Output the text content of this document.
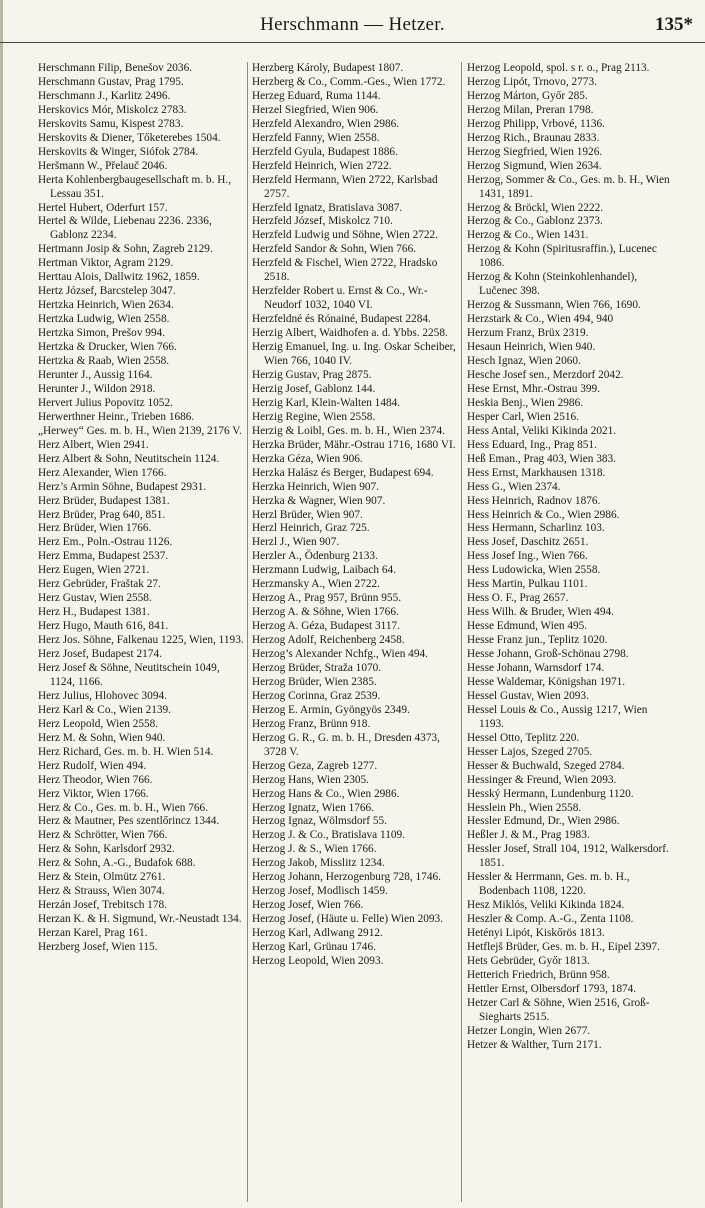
Herschmann — Hetzer.	135*
Herschmann Filip, Benešov 2036.
Herschmann Gustav, Prag 1795.
Herschmann J., Karlitz 2496.
Herskovics Mór, Miskolcz 2783.
Herskovits Samu, Kispest 2783.
Herskovits & Diener, Tőketerebes 1504.
Herskovits & Winger, Siófok 2784.
Heršmann W., Přelauč 2046.
Herta Kohlenbergbaugesellschaft m. b. H., Lessau 351.
Hertel Hubert, Oderfurt 157.
Hertel & Wilde, Liebenau 2236. 2336, Gablonz 2234.
Hertmann Josip & Sohn, Zagreb 2129.
Hertman Viktor, Agram 2129.
Herttau Alois, Dallwitz 1962, 1859.
Hertz József, Barcstelep 3047.
Hertzka Heinrich, Wien 2634.
Hertzka Ludwig, Wien 2558.
Hertzka Simon, Prešov 994.
Hertzka & Drucker, Wien 766.
Hertzka & Raab, Wien 2558.
Herunter J., Aussig 1164.
Herunter J., Wildon 2918.
Hervert Julius Popovitz 1052.
Herwerthner Heinr., Trieben 1686.
„Herwey“ Ges. m. b. H., Wien 2139, 2176 V.
Herz Albert, Wien 2941.
Herz Albert & Sohn, Neutitschein 1124.
Herz Alexander, Wien 1766.
Herz’s Armin Söhne, Budapest 2931.
Herz Brüder, Budapest 1381.
Herz Brüder, Prag 640, 851.
Herz Brüder, Wien 1766.
Herz Em., Poln.-Ostrau 1126.
Herz Emma, Budapest 2537.
Herz Eugen, Wien 2721.
Herz Gebrüder, Fraštak 27.
Herz Gustav, Wien 2558.
Herz H., Budapest 1381.
Herz Hugo, Mauth 616, 841.
Herz Jos. Söhne, Falkenau 1225, Wien, 1193.
Herz Josef, Budapest 2174.
Herz Josef & Söhne, Neutitschein 1049, 1124, 1166.
Herz Julius, Hlohovec 3094.
Herz Karl & Co., Wien 2139.
Herz Leopold, Wien 2558.
Herz M. & Sohn, Wien 940.
Herz Richard, Ges. m. b. H. Wien 514.
Herz Rudolf, Wien 494.
Herz Theodor, Wien 766.
Herz Viktor, Wien 1766.
Herz & Co., Ges. m. b. H., Wien 766.
Herz & Mautner, Pes szentlőrincz 1344.
Herz & Schrötter, Wien 766.
Herz & Sohn, Karlsdorf 2932.
Herz & Sohn, A.-G., Budafok 688.
Herz & Stein, Olmütz 2761.
Herz & Strauss, Wien 3074.
Herzán Josef, Trebitsch 178.
Herzan K. & H. Sigmund, Wr.-Neustadt 134.
Herzan Karel, Prag 161.
Herzberg Josef, Wien 115.
Herzberg Károly, Budapest 1807.
Herzberg & Co., Comm.-Ges., Wien 1772.
Herzeg Eduard, Ruma 1144.
Herzel Siegfried, Wien 906.
Herzfeld Alexandro, Wien 2986.
Herzfeld Fanny, Wien 2558.
Herzfeld Gyula, Budapest 1886.
Herzfeld Heinrich, Wien 2722.
Herzfeld Hermann, Wien 2722, Karlsbad 2757.
Herzfeld Ignatz, Bratislava 3087.
Herzfeld József, Miskolcz 710.
Herzfeld Ludwig und Söhne, Wien 2722.
Herzfeld Sandor & Sohn, Wien 766.
Herzfeld & Fischel, Wien 2722, Hradsko 2518.
Herzfelder Robert u. Ernst & Co., Wr.-Neudorf 1032, 1040 VI.
Herzfeldné és Rónainé, Budapest 2284.
Herzig Albert, Waidhofen a. d. Ybbs. 2258.
Herzig Emanuel, Ing. u. Ing. Oskar Scheiber, Wien 766, 1040 IV.
Herzig Gustav, Prag 2875.
Herzig Josef, Gablonz 144.
Herzig Karl, Klein-Walten 1484.
Herzig Regine, Wien 2558.
Herzig & Loibl, Ges. m. b. H., Wien 2374.
Herzka Brüder, Mähr.-Ostrau 1716, 1680 VI.
Herzka Géza, Wien 906.
Herzka Halász és Berger, Budapest 694.
Herzka Heinrich, Wien 907.
Herzka & Wagner, Wien 907.
Herzl Brüder, Wien 907.
Herzl Heinrich, Graz 725.
Herzl J., Wien 907.
Herzler A., Ödenburg 2133.
Herzmann Ludwig, Laibach 64.
Herzmansky A., Wien 2722.
Herzog A., Prag 957, Brünn 955.
Herzog A. & Söhne, Wien 1766.
Herzog A. Géza, Budapest 3117.
Herzog Adolf, Reichenberg 2458.
Herzog’s Alexander Nchfg., Wien 494.
Herzog Brüder, Straža 1070.
Herzog Brüder, Wien 2385.
Herzog Corinna, Graz 2539.
Herzog E. Armin, Gyöngyös 2349.
Herzog Franz, Brünn 918.
Herzog G. R., G. m. b. H., Dresden 4373, 3728 V.
Herzog Geza, Zagreb 1277.
Herzog Hans, Wien 2305.
Herzog Hans & Co., Wien 2986.
Herzog Ignatz, Wien 1766.
Herzog Ignaz, Wölmsdorf 55.
Herzog J. & Co., Bratislava 1109.
Herzog J. & S., Wien 1766.
Herzog Jakob, Misslitz 1234.
Herzog Johann, Herzogenburg 728, 1746.
Herzog Josef, Modlisch 1459.
Herzog Josef, Wien 766.
Herzog Josef, (Häute u. Felle) Wien 2093.
Herzog Karl, Adlwang 2912.
Herzog Karl, Grünau 1746.
Herzog Leopold, Wien 2093.
Herzog Leopold, spol. s r. o., Prag 2113.
Herzog Lipót, Trnovo, 2773.
Herzog Márton, Győr 285.
Herzog Milan, Preran 1798.
Herzog Philipp, Vrbové, 1136.
Herzog Rich., Braunau 2833.
Herzog Siegfried, Wien 1926.
Herzog Sigmund, Wien 2634.
Herzog, Sommer & Co., Ges. m. b. H., Wien 1431, 1891.
Herzog & Bröckl, Wien 2222.
Herzog & Co., Gablonz 2373.
Herzog & Co., Wien 1431.
Herzog & Kohn (Spiritusraffin.), Lucenec 1086.
Herzog & Kohn (Steinkohlenhandel), Lučenec 398.
Herzog & Sussmann, Wien 766, 1690.
Herzstark & Co., Wien 494, 940
Herzum Franz, Brüx 2319.
Hesaun Heinrich, Wien 940.
Hesch Ignaz, Wien 2060.
Hesche Josef sen., Merzdorf 2042.
Hese Ernst, Mhr.-Ostrau 399.
Heskia Benj., Wien 2986.
Hesper Carl, Wien 2516.
Hess Antal, Veliki Kikinda 2021.
Hess Eduard, Ing., Prag 851.
Heß Eman., Prag 403, Wien 383.
Hess Ernst, Markhausen 1318.
Hess G., Wien 2374.
Hess Heinrich, Radnov 1876.
Hess Heinrich & Co., Wien 2986.
Hess Hermann, Scharlinz 103.
Hess Josef, Daschitz 2651.
Hess Josef Ing., Wien 766.
Hess Ludowicka, Wien 2558.
Hess Martin, Pulkau 1101.
Hess O. F., Prag 2657.
Hess Wilh. & Bruder, Wien 494.
Hesse Edmund, Wien 495.
Hesse Franz jun., Teplitz 1020.
Hesse Johann, Groß-Schönau 2798.
Hesse Johann, Warnsdorf 174.
Hesse Waldemar, Königshan 1971.
Hessel Gustav, Wien 2093.
Hessel Louis & Co., Aussig 1217, Wien 1193.
Hessel Otto, Teplitz 220.
Hesser Lajos, Szeged 2705.
Hesser & Buchwald, Szeged 2784.
Hessinger & Freund, Wien 2093.
Hesský Hermann, Lundenburg 1120.
Hesslein Ph., Wien 2558.
Hessler Edmund, Dr., Wien 2986.
Heßler J. & M., Prag 1983.
Hessler Josef, Strall 104, 1912, Walkersdorf. 1851.
Hessler & Herrmann, Ges. m. b. H., Bodenbach 1108, 1220.
Hesz Miklós, Veliki Kikinda 1824.
Heszler & Comp. A.-G., Zenta 1108.
Hetényi Lipót, Kiskőrös 1813.
Hetflejš Brüder, Ges. m. b. H., Eipel 2397.
Hets Gebrüder, Győr 1813.
Hetterich Friedrich, Brünn 958.
Hettler Ernst, Olbersdorf 1793, 1874.
Hetzer Carl & Söhne, Wien 2516, Groß-Siegharts 2515.
Hetzer Longin, Wien 2677.
Hetzer & Walther, Turn 2171.
